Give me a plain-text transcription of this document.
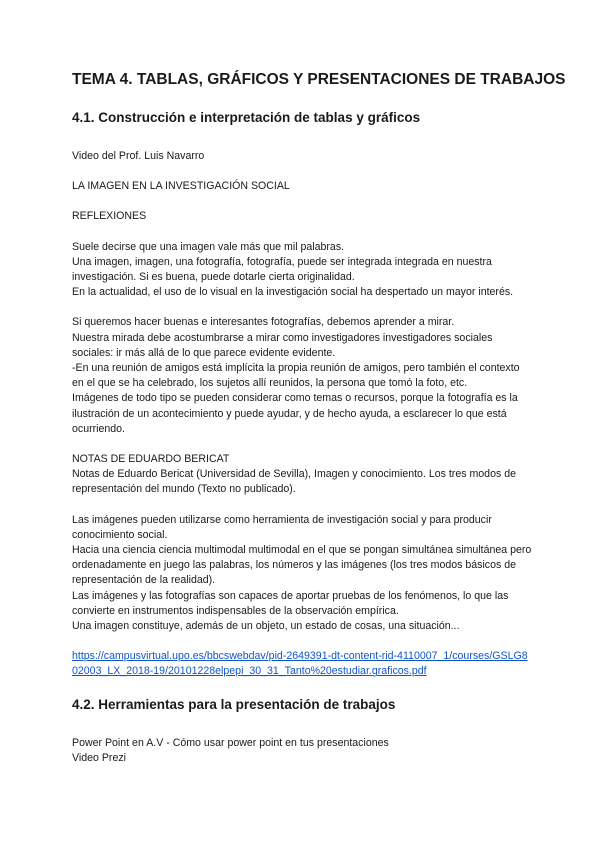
TEMA 4. TABLAS, GRÁFICOS Y PRESENTACIONES DE TRABAJOS
4.1. Construcción e interpretación de tablas y gráficos

Video del Prof. Luis Navarro

LA IMAGEN EN LA INVESTIGACIÓN SOCIAL

REFLEXIONES

Suele decirse que una imagen vale más que mil palabras.

Una imagen, imagen, una fotografía, fotografía, puede ser integrada integrada en nuestra investigación. Si es buena, puede dotarle cierta originalidad.

En la actualidad, el uso de lo visual en la investigación social ha despertado un mayor interés.

Si queremos hacer buenas e interesantes fotografías, debemos aprender a mirar.

Nuestra mirada debe acostumbrarse a mirar como investigadores investigadores sociales sociales: ir más allá de lo que parece evidente evidente.

-En una reunión de amigos está implícita la propia reunión de amigos, pero también el contexto en el que se ha celebrado, los sujetos allí reunidos, la persona que tomó la foto, etc.

Imágenes de todo tipo se pueden considerar como temas o recursos, porque la fotografía es la ilustración de un acontecimiento y puede ayudar, y de hecho ayuda, a esclarecer lo que está ocurriendo.

NOTAS DE EDUARDO BERICAT

Notas de Eduardo Bericat (Universidad de Sevilla), Imagen y conocimiento. Los tres modos de representación del mundo (Texto no publicado).

Las imágenes pueden utilizarse como herramienta de investigación social y para producir conocimiento social.

Hacia una ciencia ciencia multimodal multimodal en el que se pongan simultánea simultánea pero ordenadamente en juego las palabras, los números y las imágenes (los tres modos básicos de representación de la realidad).

Las imágenes y las fotografías son capaces de aportar pruebas de los fenómenos, lo que las convierte en instrumentos indispensables de la observación empírica.

Una imagen constituye, además de un objeto, un estado de cosas, una situación...

https://campusvirtual.upo.es/bbcswebdav/pid-2649391-dt-content-rid-4110007_1/courses/GSLG802003_LX_2018-19/20101228elpepi_30_31_Tanto%20estudiar.graficos.pdf

4.2. Herramientas para la presentación de trabajos

Power Point en A.V - Cómo usar power point en tus presentaciones

Video Prezi
